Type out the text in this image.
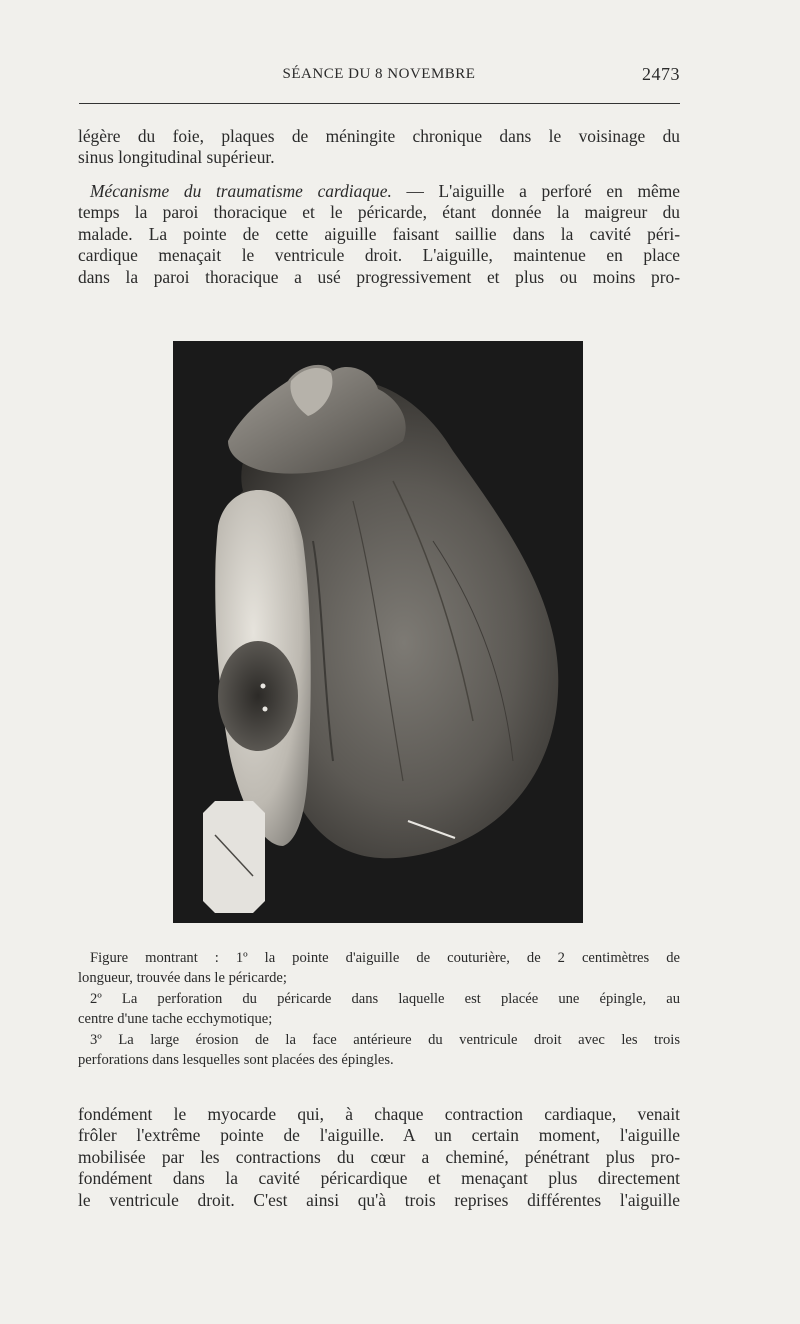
SÉANCE DU 8 NOVEMBRE	2473

légère du foie, plaques de méningite chronique dans le voisinage du
sinus longitudinal supérieur.

Mécanisme du traumatisme cardiaque. — L'aiguille a perforé en même
temps la paroi thoracique et le péricarde, étant donnée la maigreur du
malade. La pointe de cette aiguille faisant saillie dans la cavité péri-
cardique menaçait le ventricule droit. L'aiguille, maintenue en place
dans la paroi thoracique a usé progressivement et plus ou moins pro-

Figure montrant : 1º la pointe d'aiguille de couturière, de 2 centimètres de
longueur, trouvée dans le péricarde;
2º La perforation du péricarde dans laquelle est placée une épingle, au
centre d'une tache ecchymotique;
3º La large érosion de la face antérieure du ventricule droit avec les trois
perforations dans lesquelles sont placées des épingles.

fondément le myocarde qui, à chaque contraction cardiaque, venait
frôler l'extrême pointe de l'aiguille. A un certain moment, l'aiguille
mobilisée par les contractions du cœur a cheminé, pénétrant plus pro-
fondément dans la cavité péricardique et menaçant plus directement
le ventricule droit. C'est ainsi qu'à trois reprises différentes l'aiguille
